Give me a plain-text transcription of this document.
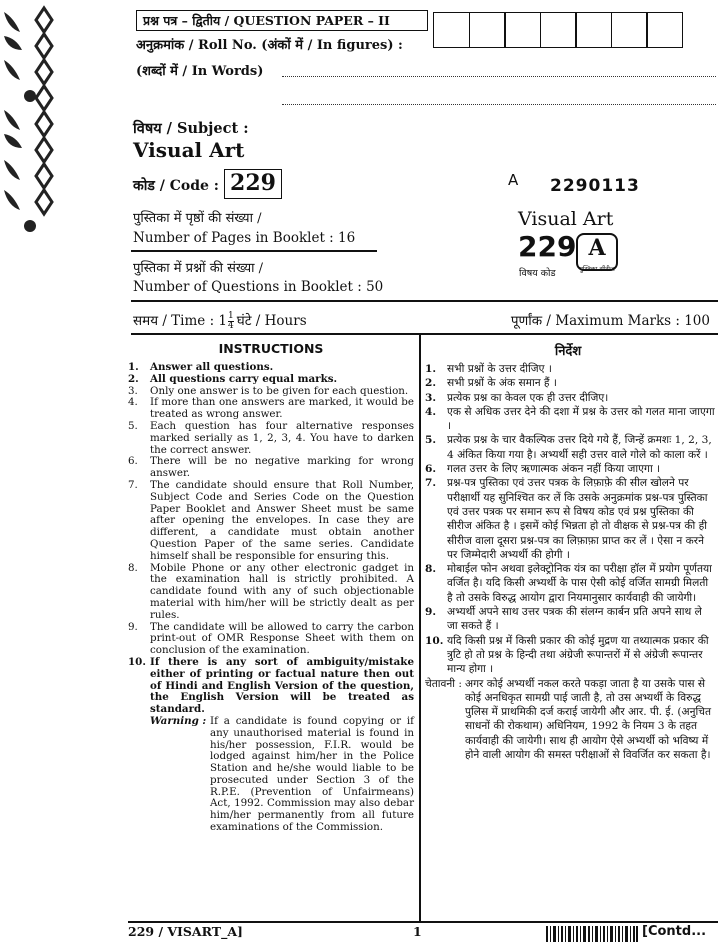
प्रश्न पत्र – द्वितीय / QUESTION PAPER – II
अनुक्रमांक / Roll No. (अंकों में / In figures) :
(शब्दों में / In Words)
विषय / Subject :
Visual Art
कोड / Code : 229	A 2290113
Visual Art
229 A
पुस्तिका सीरीज
विषय कोड
पुस्तिका में पृष्ठों की संख्या /
Number of Pages in Booklet : 16
पुस्तिका में प्रश्नों की संख्या /
Number of Questions in Booklet : 50
समय / Time : $1 \frac{1}{4}$ घंटे / Hours	पूर्णांक / Maximum Marks : 100
INSTRUCTIONS	निर्देश
1.	Answer all questions.
2.	All questions carry equal marks.
3.	Only one answer is to be given for each question.
4.	If more than one answers are marked, it would be treated as wrong answer.
5.	Each question has four alternative responses marked serially as 1, 2, 3, 4. You have to darken the correct answer.
6.	There will be no negative marking for wrong answer.
7.	The candidate should ensure that Roll Number, Subject Code and Series Code on the Question Paper Booklet and Answer Sheet must be same after opening the envelopes. In case they are different, a candidate must obtain another Question Paper of the same series. Candidate himself shall be responsible for ensuring this.
8.	Mobile Phone or any other electronic gadget in the examination hall is strictly prohibited. A candidate found with any of such objectionable material with him/her will be strictly dealt as per rules.
9.	The candidate will be allowed to carry the carbon print-out of OMR Response Sheet with them on conclusion of the examination.
10. If there is any sort of ambiguity/mistake either of printing or factual nature then out of Hindi and English Version of the question, the English Version will be treated as standard.
Warning : If a candidate is found copying or if any unauthorised material is found in his/her possession, F.I.R. would be lodged against him/her in the Police Station and he/she would liable to be prosecuted under Section 3 of the R.P.E. (Prevention of Unfairmeans) Act, 1992. Commission may also debar him/her permanently from all future examinations of the Commission.
1.	सभी प्रश्नों के उत्तर दीजिए ।
2.	सभी प्रश्नों के अंक समान हैं ।
3.	प्रत्येक प्रश्न का केवल एक ही उत्तर दीजिए।
4.	एक से अधिक उत्तर देने की दशा में प्रश्न के उत्तर को गलत माना जाएगा ।
5.	प्रत्येक प्रश्न के चार वैकल्पिक उत्तर दिये गये हैं, जिन्हें क्रमशः 1, 2, 3, 4 अंकित किया गया है। अभ्यर्थी सही उत्तर वाले गोले को काला करें ।
6.	गलत उत्तर के लिए ऋणात्मक अंकन नहीं किया जाएगा ।
7.	प्रश्न-पत्र पुस्तिका एवं उत्तर पत्रक के लिफ़ाफ़े की सील खोलने पर परीक्षार्थी यह सुनिश्चित कर लें कि उसके अनुक्रमांक प्रश्न-पत्र पुस्तिका एवं उत्तर पत्रक पर समान रूप से विषय कोड एवं प्रश्न पुस्तिका की सीरीज अंकित है । इसमें कोई भिन्नता हो तो वीक्षक से प्रश्न-पत्र की ही सीरीज वाला दूसरा प्रश्न-पत्र का लिफ़ाफ़ा प्राप्त कर लें । ऐसा न करने पर जिम्मेदारी अभ्यर्थी की होगी ।
8.	मोबाईल फोन अथवा इलेक्ट्रोनिक यंत्र का परीक्षा हॉल में प्रयोग पूर्णतया वर्जित है। यदि किसी अभ्यर्थी के पास ऐसी कोई वर्जित सामग्री मिलती है तो उसके विरुद्ध आयोग द्वारा नियमानुसार कार्यवाही की जायेगी।
9.	अभ्यर्थी अपने साथ उत्तर पत्रक की संलग्न कार्बन प्रति अपने साथ ले जा सकते हैं ।
10. यदि किसी प्रश्न में किसी प्रकार की कोई मुद्रण या तथ्यात्मक प्रकार की त्रुटि हो तो प्रश्न के हिन्दी तथा अंग्रेजी रूपान्तरों में से अंग्रेजी रूपान्तर मान्य होगा ।
चेतावनी : अगर कोई अभ्यर्थी नकल करते पकड़ा जाता है या उसके पास से कोई अनधिकृत सामग्री पाई जाती है, तो उस अभ्यर्थी के विरुद्ध पुलिस में प्राथमिकी दर्ज कराई जायेगी और आर. पी. ई. (अनुचित साधनों की रोकथाम) अधिनियम, 1992 के नियम 3 के तहत कार्यवाही की जायेगी। साथ ही आयोग ऐसे अभ्यर्थी को भविष्य में होने वाली आयोग की समस्त परीक्षाओं से विवर्जित कर सकता है।
229 / VISART_A]	1	[Contd...
